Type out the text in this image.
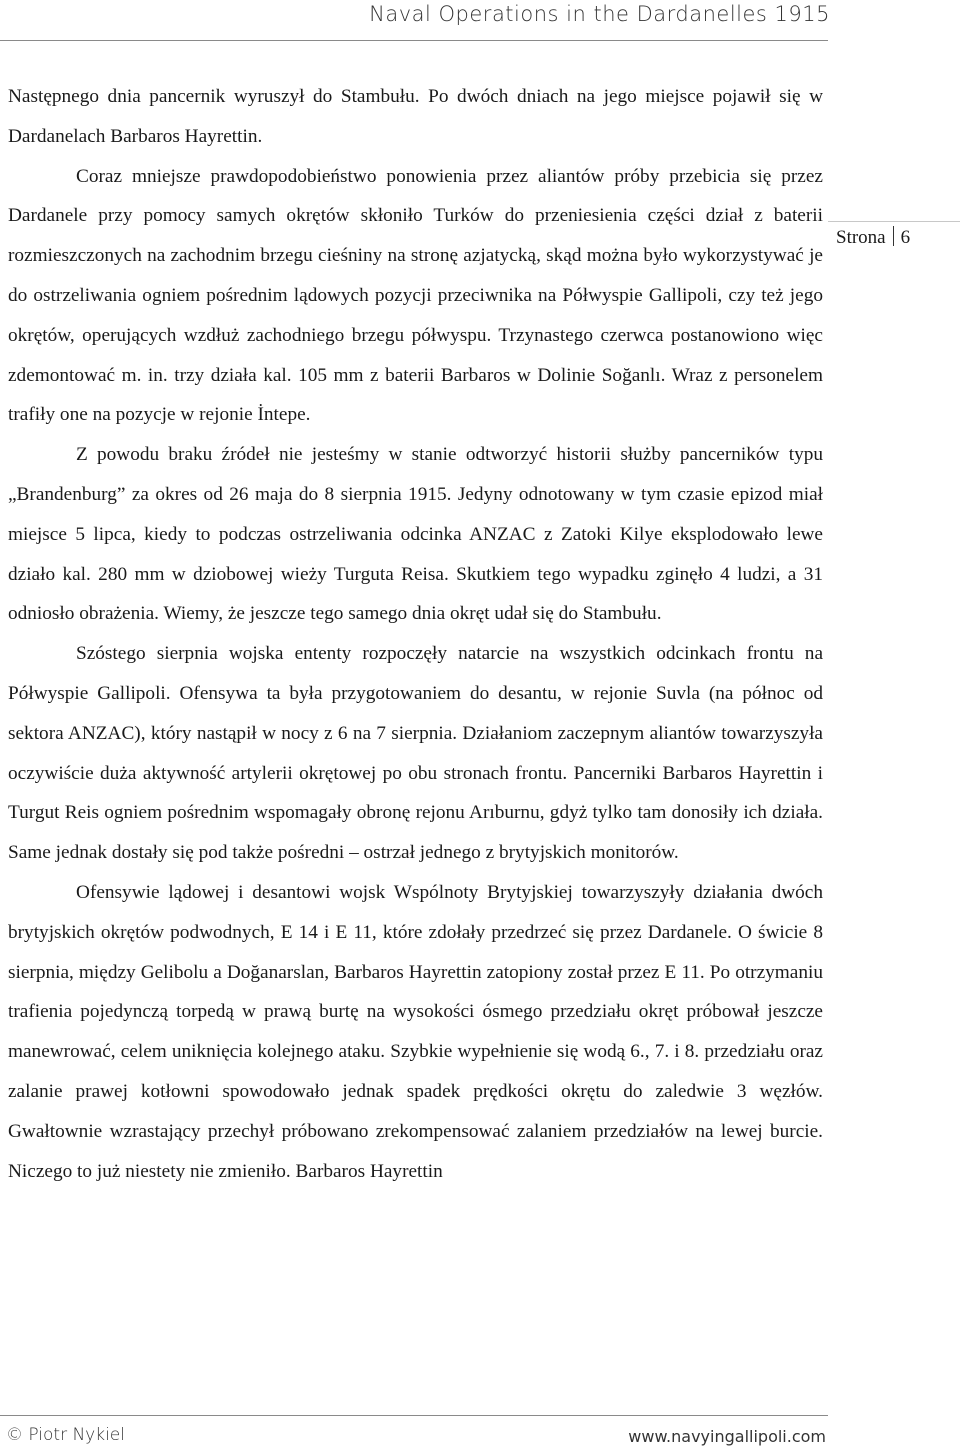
Naval Operations in the Dardanelles 1915
Strona 6

Następnego dnia pancernik wyruszył do Stambułu. Po dwóch dniach na jego miejsce pojawił się w Dardanelach Barbaros Hayrettin.

Coraz mniejsze prawdopodobieństwo ponowienia przez aliantów próby przebicia się przez Dardanele przy pomocy samych okrętów skłoniło Turków do przeniesienia części dział z baterii rozmieszczonych na zachodnim brzegu cieśniny na stronę azjatycką, skąd można było wykorzystywać je do ostrzeliwania ogniem pośrednim lądowych pozycji przeciwnika na Półwyspie Gallipoli, czy też jego okrętów, operujących wzdłuż zachodniego brzegu półwyspu. Trzynastego czerwca postanowiono więc zdemontować m. in. trzy działa kal. 105 mm z baterii Barbaros w Dolinie Soğanlı. Wraz z personelem trafiły one na pozycje w rejonie İntepe.

Z powodu braku źródeł nie jesteśmy w stanie odtworzyć historii służby pancerników typu „Brandenburg” za okres od 26 maja do 8 sierpnia 1915. Jedyny odnotowany w tym czasie epizod miał miejsce 5 lipca, kiedy to podczas ostrzeliwania odcinka ANZAC z Zatoki Kilye eksplodowało lewe działo kal. 280 mm w dziobowej wieży Turguta Reisa. Skutkiem tego wypadku zginęło 4 ludzi, a 31 odniosło obrażenia. Wiemy, że jeszcze tego samego dnia okręt udał się do Stambułu.

Szóstego sierpnia wojska ententy rozpoczęły natarcie na wszystkich odcinkach frontu na Półwyspie Gallipoli. Ofensywa ta była przygotowaniem do desantu, w rejonie Suvla (na północ od sektora ANZAC), który nastąpił w nocy z 6 na 7 sierpnia. Działaniom zaczepnym aliantów towarzyszyła oczywiście duża aktywność artylerii okrętowej po obu stronach frontu. Pancerniki Barbaros Hayrettin i Turgut Reis ogniem pośrednim wspomagały obronę rejonu Arıburnu, gdyż tylko tam donosiły ich działa. Same jednak dostały się pod także pośredni – ostrzał jednego z brytyjskich monitorów.

Ofensywie lądowej i desantowi wojsk Wspólnoty Brytyjskiej towarzyszyły działania dwóch brytyjskich okrętów podwodnych, E 14 i E 11, które zdołały przedrzeć się przez Dardanele. O świcie 8 sierpnia, między Gelibolu a Doğanarslan, Barbaros Hayrettin zatopiony został przez E 11. Po otrzymaniu trafienia pojedynczą torpedą w prawą burtę na wysokości ósmego przedziału okręt próbował jeszcze manewrować, celem uniknięcia kolejnego ataku. Szybkie wypełnienie się wodą 6., 7. i 8. przedziału oraz zalanie prawej kotłowni spowodowało jednak spadek prędkości okrętu do zaledwie 3 węzłów. Gwałtownie wzrastający przechył próbowano zrekompensować zalaniem przedziałów na lewej burcie. Niczego to już niestety nie zmieniło. Barbaros Hayrettin

© Piotr Nykiel	www.navyingallipoli.com
